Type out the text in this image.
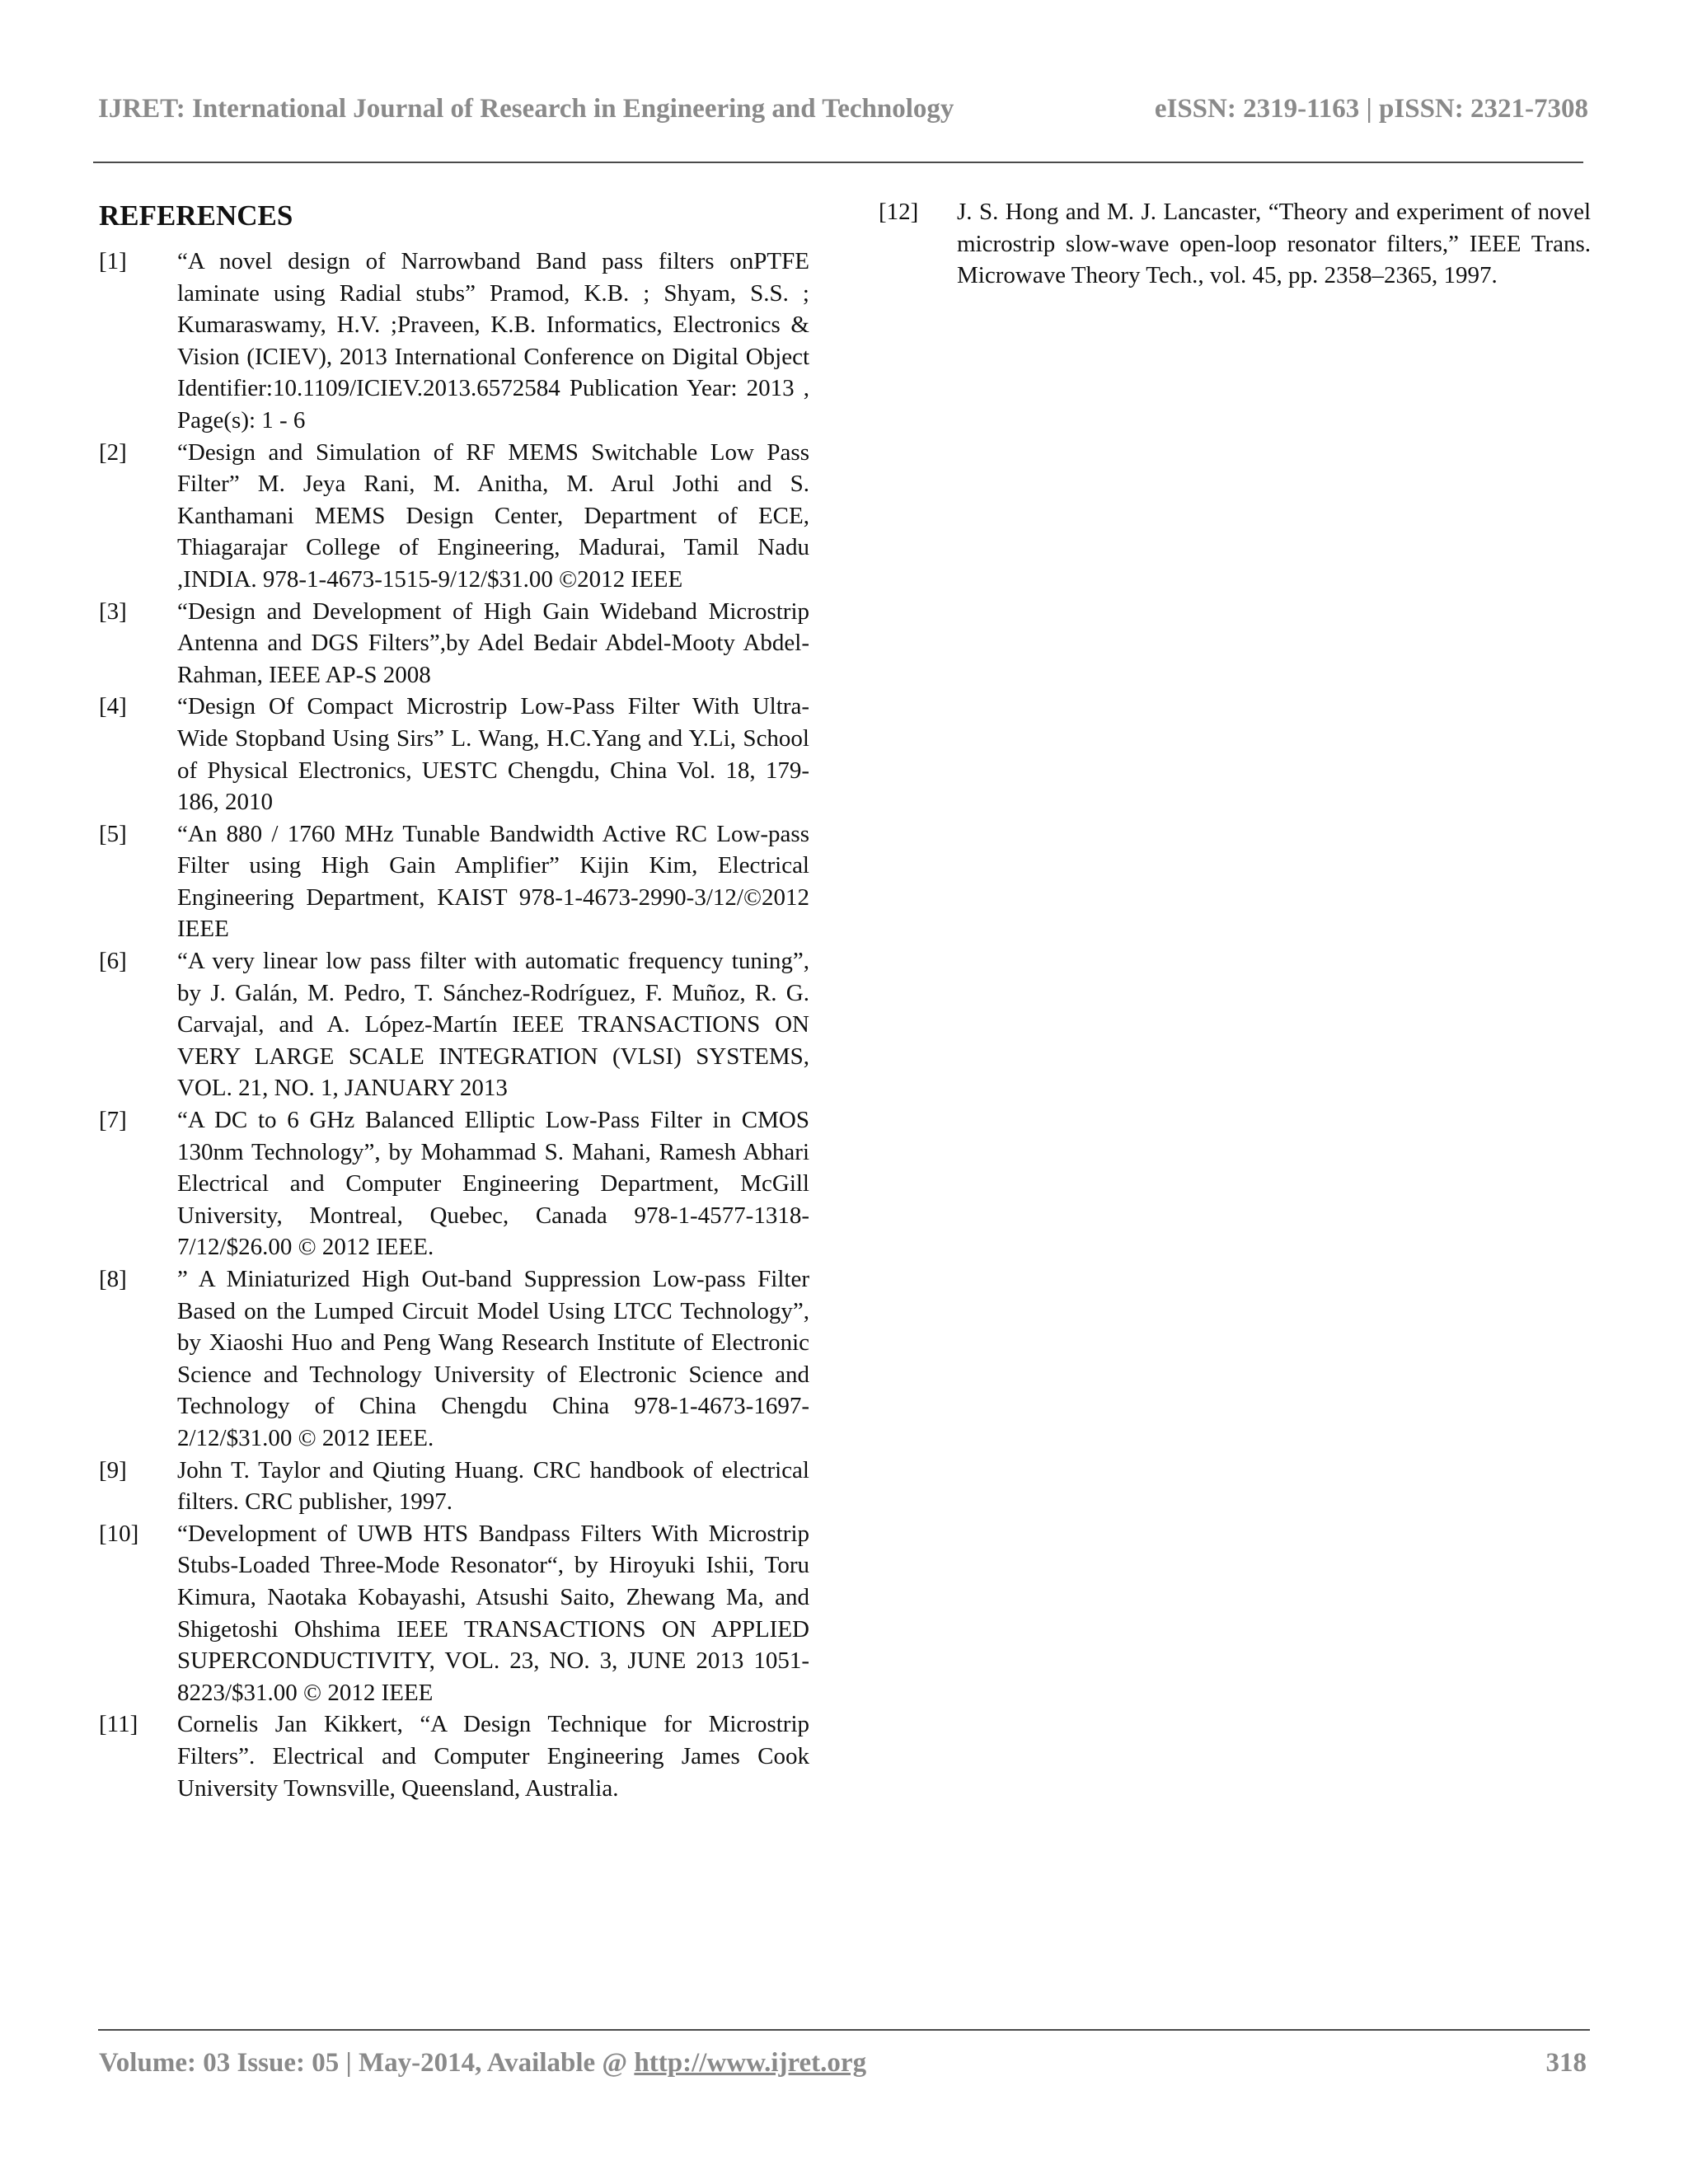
IJRET: International Journal of Research in Engineering and Technology	eISSN: 2319-1163 | pISSN: 2321-7308
REFERENCES
[1]	“A novel design of Narrowband Band pass filters onPTFE laminate using Radial stubs” Pramod, K.B. ; Shyam, S.S. ; Kumaraswamy, H.V. ;Praveen, K.B. Informatics, Electronics & Vision (ICIEV), 2013 International Conference on Digital Object Identifier:10.1109/ICIEV.2013.6572584 Publication Year: 2013 , Page(s): 1 - 6
[2]	“Design and Simulation of RF MEMS Switchable Low Pass Filter” M. Jeya Rani, M. Anitha, M. Arul Jothi and S. Kanthamani MEMS Design Center, Department of ECE, Thiagarajar College of Engineering, Madurai, Tamil Nadu ,INDIA. 978-1-4673-1515-9/12/$31.00 ©2012 IEEE
[3]	“Design and Development of High Gain Wideband Microstrip Antenna and DGS Filters”,by Adel Bedair Abdel-Mooty Abdel-Rahman, IEEE AP-S 2008
[4]	“Design Of Compact Microstrip Low-Pass Filter With Ultra-Wide Stopband Using Sirs” L. Wang, H.C.Yang and Y.Li, School of Physical Electronics, UESTC Chengdu, China Vol. 18, 179-186, 2010
[5]	“An 880 / 1760 MHz Tunable Bandwidth Active RC Low-pass Filter using High Gain Amplifier” Kijin Kim, Electrical Engineering Department, KAIST 978-1-4673-2990-3/12/©2012 IEEE
[6]	“A very linear low pass filter with automatic frequency tuning”, by J. Galán, M. Pedro, T. Sánchez-Rodríguez, F. Muñoz, R. G. Carvajal, and A. López-Martín IEEE TRANSACTIONS ON VERY LARGE SCALE INTEGRATION (VLSI) SYSTEMS, VOL. 21, NO. 1, JANUARY 2013
[7]	“A DC to 6 GHz Balanced Elliptic Low-Pass Filter in CMOS 130nm Technology”, by Mohammad S. Mahani, Ramesh Abhari Electrical and Computer Engineering Department, McGill University, Montreal, Quebec, Canada 978-1-4577-1318-7/12/$26.00 © 2012 IEEE.
[8]	” A Miniaturized High Out-band Suppression Low-pass Filter Based on the Lumped Circuit Model Using LTCC Technology”, by Xiaoshi Huo and Peng Wang Research Institute of Electronic Science and Technology University of Electronic Science and Technology of China Chengdu China 978-1-4673-1697-2/12/$31.00 © 2012 IEEE.
[9]	John T. Taylor and Qiuting Huang. CRC handbook of electrical filters. CRC publisher, 1997.
[10]	“Development of UWB HTS Bandpass Filters With Microstrip Stubs-Loaded Three-Mode Resonator“, by Hiroyuki Ishii, Toru Kimura, Naotaka Kobayashi, Atsushi Saito, Zhewang Ma, and Shigetoshi Ohshima IEEE TRANSACTIONS ON APPLIED SUPERCONDUCTIVITY, VOL. 23, NO. 3, JUNE 2013 1051-8223/$31.00 © 2012 IEEE
[11]	Cornelis Jan Kikkert, “A Design Technique for Microstrip Filters”. Electrical and Computer Engineering James Cook University Townsville, Queensland, Australia.
[12]	J. S. Hong and M. J. Lancaster, “Theory and experiment of novel microstrip slow-wave open-loop resonator filters,” IEEE Trans. Microwave Theory Tech., vol. 45, pp. 2358–2365, 1997.
Volume: 03 Issue: 05 | May-2014, Available @ http://www.ijret.org	318
